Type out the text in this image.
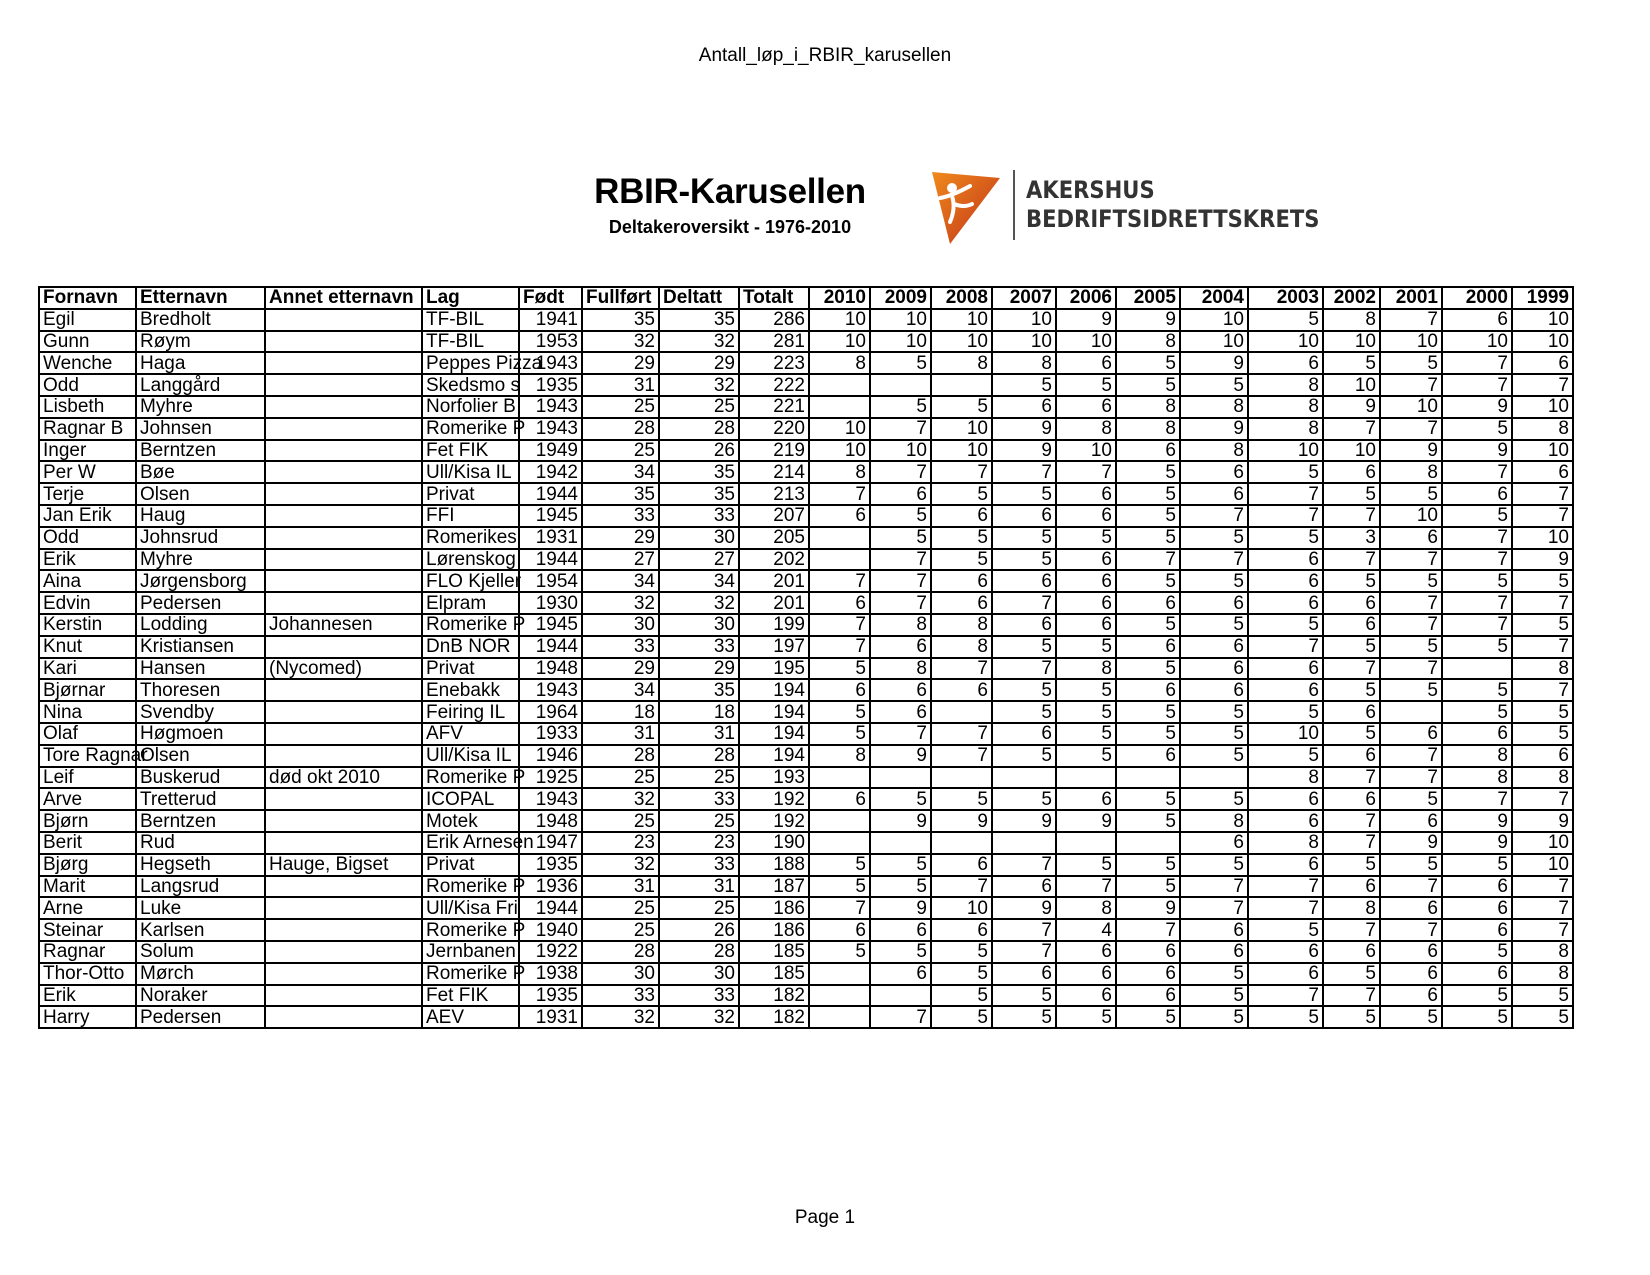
Antall_løp_i_RBIR_karusellen
RBIR-Karusellen
Deltakeroversikt - 1976-2010
AKERSHUS
BEDRIFTSIDRETTSKRETS
Fornavn	Etternavn	Annet etternavn	Lag	Født	Fullført	Deltatt	Totalt	2010	2009	2008	2007	2006	2005	2004	2003	2002	2001	2000	1999
Egil	Bredholt		TF-BIL	1941	35	35	286	10	10	10	10	9	9	10	5	8	7	6	10
Gunn	Røym		TF-BIL	1953	32	32	281	10	10	10	10	10	8	10	10	10	10	10	10
Wenche	Haga		Peppes Pizza	1943	29	29	223	8	5	8	8	6	5	9	6	5	5	7	6
Odd	Langgård		Skedsmo s	1935	31	32	222				5	5	5	5	8	10	7	7	7
Lisbeth	Myhre		Norfolier B	1943	25	25	221		5	5	6	6	8	8	8	9	10	9	10
Ragnar B	Johnsen		Romerike P	1943	28	28	220	10	7	10	9	8	8	9	8	7	7	5	8
Inger	Berntzen		Fet FIK	1949	25	26	219	10	10	10	9	10	6	8	10	10	9	9	10
Per W	Bøe		Ull/Kisa IL	1942	34	35	214	8	7	7	7	7	5	6	5	6	8	7	6
Terje	Olsen		Privat	1944	35	35	213	7	6	5	5	6	5	6	7	5	5	6	7
Jan Erik	Haug		FFI	1945	33	33	207	6	5	6	6	6	5	7	7	7	10	5	7
Odd	Johnsrud		Romerikes	1931	29	30	205		5	5	5	5	5	5	5	3	6	7	10
Erik	Myhre		Lørenskog	1944	27	27	202		7	5	5	6	7	7	6	7	7	7	9
Aina	Jørgensborg		FLO Kjeller	1954	34	34	201	7	7	6	6	6	5	5	6	5	5	5	5
Edvin	Pedersen		Elpram	1930	32	32	201	6	7	6	7	6	6	6	6	6	7	7	7
Kerstin	Lodding	Johannesen	Romerike P	1945	30	30	199	7	8	8	6	6	5	5	5	6	7	7	5
Knut	Kristiansen		DnB NOR	1944	33	33	197	7	6	8	5	5	6	6	7	5	5	5	7
Kari	Hansen	(Nycomed)	Privat	1948	29	29	195	5	8	7	7	8	5	6	6	7	7		8
Bjørnar	Thoresen		Enebakk	1943	34	35	194	6	6	6	5	5	6	6	6	5	5	5	7
Nina	Svendby		Feiring IL	1964	18	18	194	5	6		5	5	5	5	5	6		5	5
Olaf	Høgmoen		AFV	1933	31	31	194	5	7	7	6	5	5	5	10	5	6	6	5
Tore Ragnar	Olsen		Ull/Kisa IL	1946	28	28	194	8	9	7	5	5	6	5	5	6	7	8	6
Leif	Buskerud	død okt 2010	Romerike P	1925	25	25	193								8	7	7	8	8
Arve	Tretterud		ICOPAL	1943	32	33	192	6	5	5	5	6	5	5	6	6	5	7	7
Bjørn	Berntzen		Motek	1948	25	25	192		9	9	9	9	5	8	6	7	6	9	9
Berit	Rud		Erik Arnesen	1947	23	23	190							6	8	7	9	9	10
Bjørg	Hegseth	Hauge, Bigset	Privat	1935	32	33	188	5	5	6	7	5	5	5	6	5	5	5	10
Marit	Langsrud		Romerike P	1936	31	31	187	5	5	7	6	7	5	7	7	6	7	6	7
Arne	Luke		Ull/Kisa Fri	1944	25	25	186	7	9	10	9	8	9	7	7	8	6	6	7
Steinar	Karlsen		Romerike P	1940	25	26	186	6	6	6	7	4	7	6	5	7	7	6	7
Ragnar	Solum		Jernbanen	1922	28	28	185	5	5	5	7	6	6	6	6	6	6	5	8
Thor-Otto	Mørch		Romerike P	1938	30	30	185		6	5	6	6	6	5	6	5	6	6	8
Erik	Noraker		Fet FIK	1935	33	33	182			5	5	6	6	5	7	7	6	5	5
Harry	Pedersen		AEV	1931	32	32	182		7	5	5	5	5	5	5	5	5	5	5
Page 1
